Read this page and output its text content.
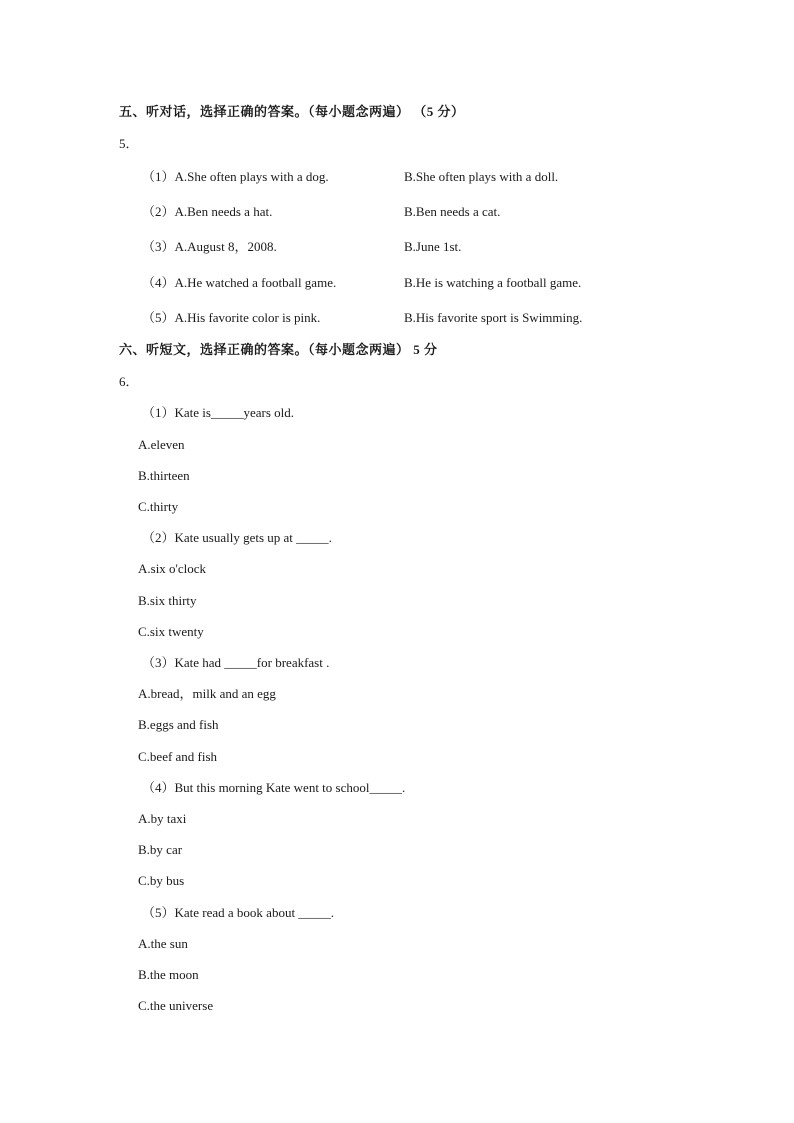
五、听对话，选择正确的答案。（每小题念两遍） （5 分）
5．
（1）A.She often plays with a dog.	B.She often plays with a doll.
（2）A.Ben needs a hat.	B.Ben needs a cat.
（3）A.August 8，2008.	B.June 1st.
（4）A.He watched a football game.	B.He is watching a football game.
（5）A.His favorite color is pink.	B.His favorite sport is Swimming.
六、听短文，选择正确的答案。（每小题念两遍） 5 分
6．
（1）Kate is_____years old.
A.eleven
B.thirteen
C.thirty
（2）Kate usually gets up at _____.
A.six o'clock
B.six thirty
C.six twenty
（3）Kate had _____for breakfast .
A.bread，milk and an egg
B.eggs and fish
C.beef and fish
（4）But this morning Kate went to school_____.
A.by taxi
B.by car
C.by bus
（5）Kate read a book about _____.
A.the sun
B.the moon
C.the universe
